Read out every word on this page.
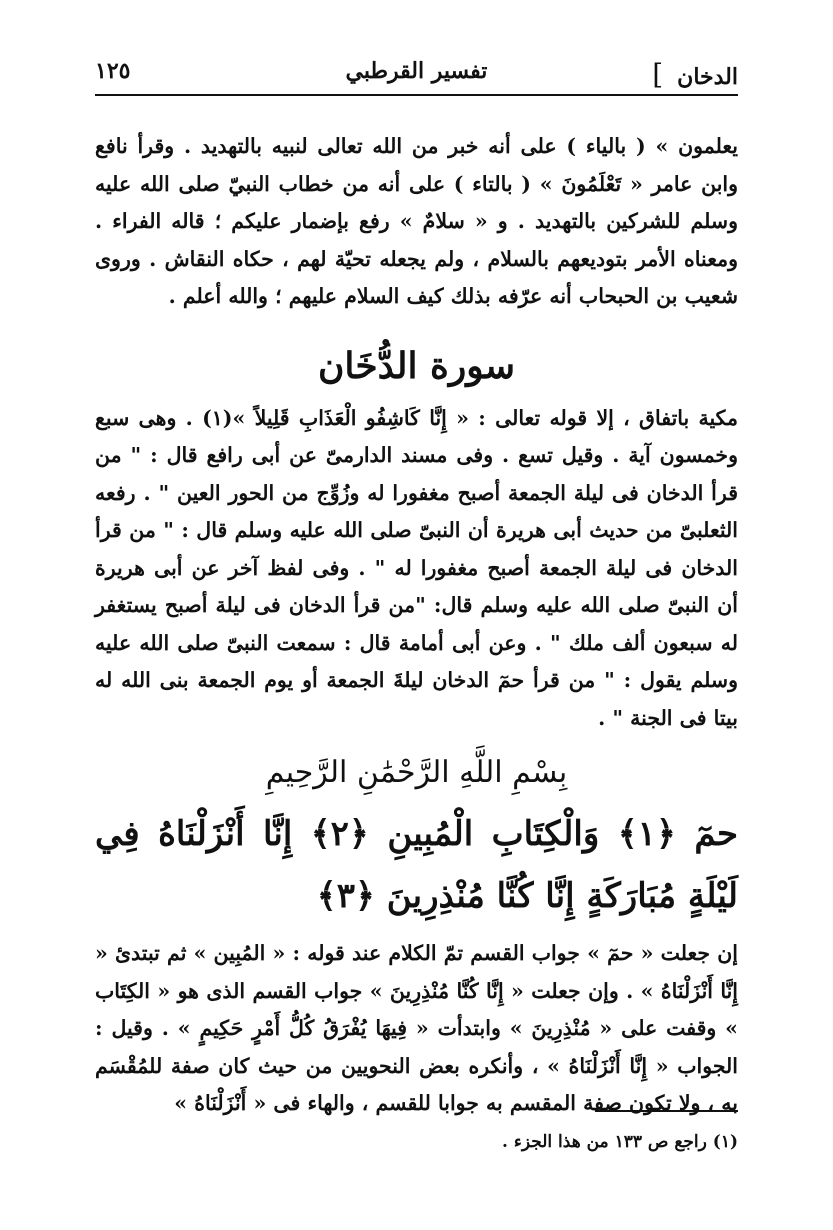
الدخان]
تفسير القرطبي
١٢٥

يعلمون » ( بالياء ) على أنه خبر من الله تعالى لنبيه بالتهديد . وقرأ نافع وابن عامر « تَعْلَمُونَ » ( بالتاء ) على أنه من خطاب النبيّ صلى الله عليه وسلم للشركين بالتهديد . و « سلامٌ » رفع بإضمار عليكم ؛ قاله الفراء . ومعناه الأمر بتوديعهم بالسلام ، ولم يجعله تحيّة لهم ، حكاه النقاش . وروى شعيب بن الحبحاب أنه عرّفه بذلك كيف السلام عليهم ؛ والله أعلم .

سورة الدُّخَان

مكية باتفاق ، إلا قوله تعالى : « إِنَّا كَاشِفُو الْعَذَابِ قَلِيلاً »(١) . وهى سبع وخمسون آية . وقيل تسع . وفى مسند الدارمىّ عن أبى رافع قال : " من قرأ الدخان فى ليلة الجمعة أصبح مغفورا له وزُوِّج من الحور العين " . رفعه الثعلبىّ من حديث أبى هريرة أن النبىّ صلى الله عليه وسلم قال : " من قرأ الدخان فى ليلة الجمعة أصبح مغفورا له " . وفى لفظ آخر عن أبى هريرة أن النبىّ صلى الله عليه وسلم قال: "من قرأ الدخان فى ليلة أصبح يستغفر له سبعون ألف ملك " . وعن أبى أمامة قال : سمعت النبىّ صلى الله عليه وسلم يقول : " من قرأ حمٓ الدخان ليلةَ الجمعة أو يوم الجمعة بنى الله له بيتا فى الجنة " .

بِسْمِ اللَّهِ الرَّحْمَٰنِ الرَّحِيمِ

حمٓ ﴿١﴾ وَالْكِتَابِ الْمُبِينِ ﴿٢﴾ إِنَّا أَنْزَلْنَاهُ فِي لَيْلَةٍ مُبَارَكَةٍ إِنَّا كُنَّا مُنْذِرِينَ ﴿٣﴾

إن جعلت « حمٓ » جواب القسم تمّ الكلام عند قوله : « المُبِين » ثم تبتدئ « إِنَّا أَنْزَلْنَاهُ » . وإن جعلت « إِنَّا كُنَّا مُنْذِرِينَ » جواب القسم الذى هو « الكِتَاب » وقفت على « مُنْذِرِينَ » وابتدأت « فِيهَا يُفْرَقُ كُلُّ أَمْرٍ حَكِيمٍ » . وقيل : الجواب « إِنَّا أَنْزَلْنَاهُ » ، وأنكره بعض النحويين من حيث كان صفة للمُقْسَم به ، ولا تكون صفة المقسم به جوابا للقسم ، والهاء فى « أَنْزَلْنَاهُ »

(١) راجع ص ١٣٣ من هذا الجزء .
